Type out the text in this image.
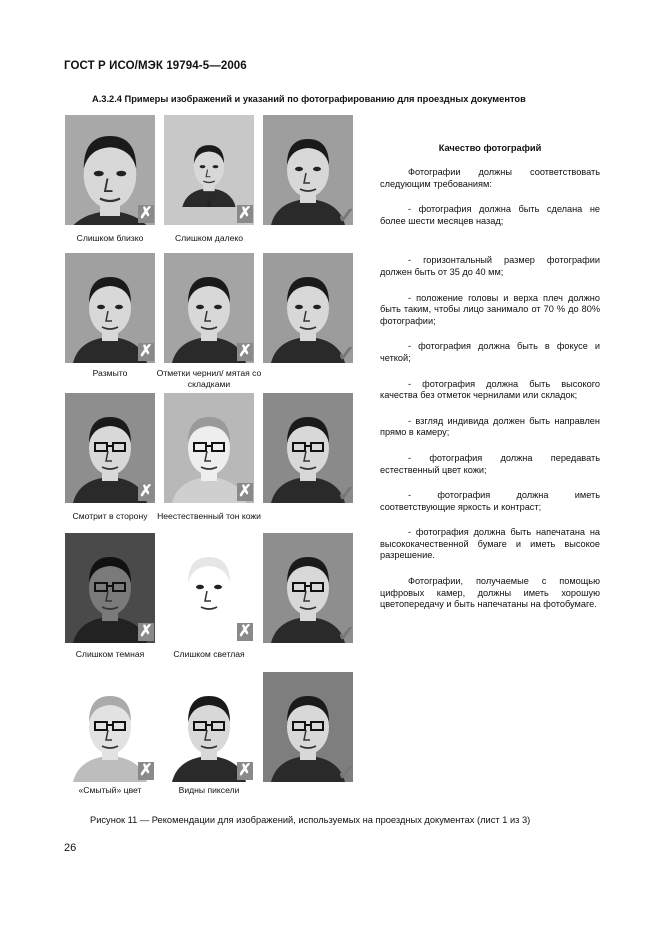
ГОСТ Р ИСО/МЭК 19794-5—2006
А.3.2.4 Примеры изображений и указаний по фотографированию для проездных документов
✗
Слишком близко
✗
Слишком далеко
✓
✗
Размыто
✗
Отметки чернил/ мятая со складками
✓
✗
Смотрит в сторону
✗
Неестественный тон кожи
✓
✗
Слишком темная
✗
Слишком светлая
✓
✗
«Смытый» цвет
✗
Видны пиксели
✓
Качество фотографий

Фотографии должны соответствовать следующим требованиям:

- фотография должна быть сделана не более шести месяцев назад;

- горизонтальный размер фотографии должен быть от 35 до 40 мм;

- положение головы и верха плеч должно быть таким, чтобы лицо занимало от 70 % до 80% фотографии;

- фотография должна быть в фокусе и четкой;

- фотография должна быть высокого качества без отметок чернилами или складок;

- взгляд индивида должен быть направлен прямо в камеру;

- фотография должна передавать естественный цвет кожи;

- фотография должна иметь соответствующие яркость и контраст;

- фотография должна быть напечатана на высококачественной бумаге и иметь высокое разрешение.

Фотографии, получаемые с помощью цифровых камер, должны иметь хорошую цветопередачу и быть напечатаны на фотобумаге.

Рисунок 11 — Рекомендации для изображений, используемых на проездных документах (лист 1 из 3)
26
